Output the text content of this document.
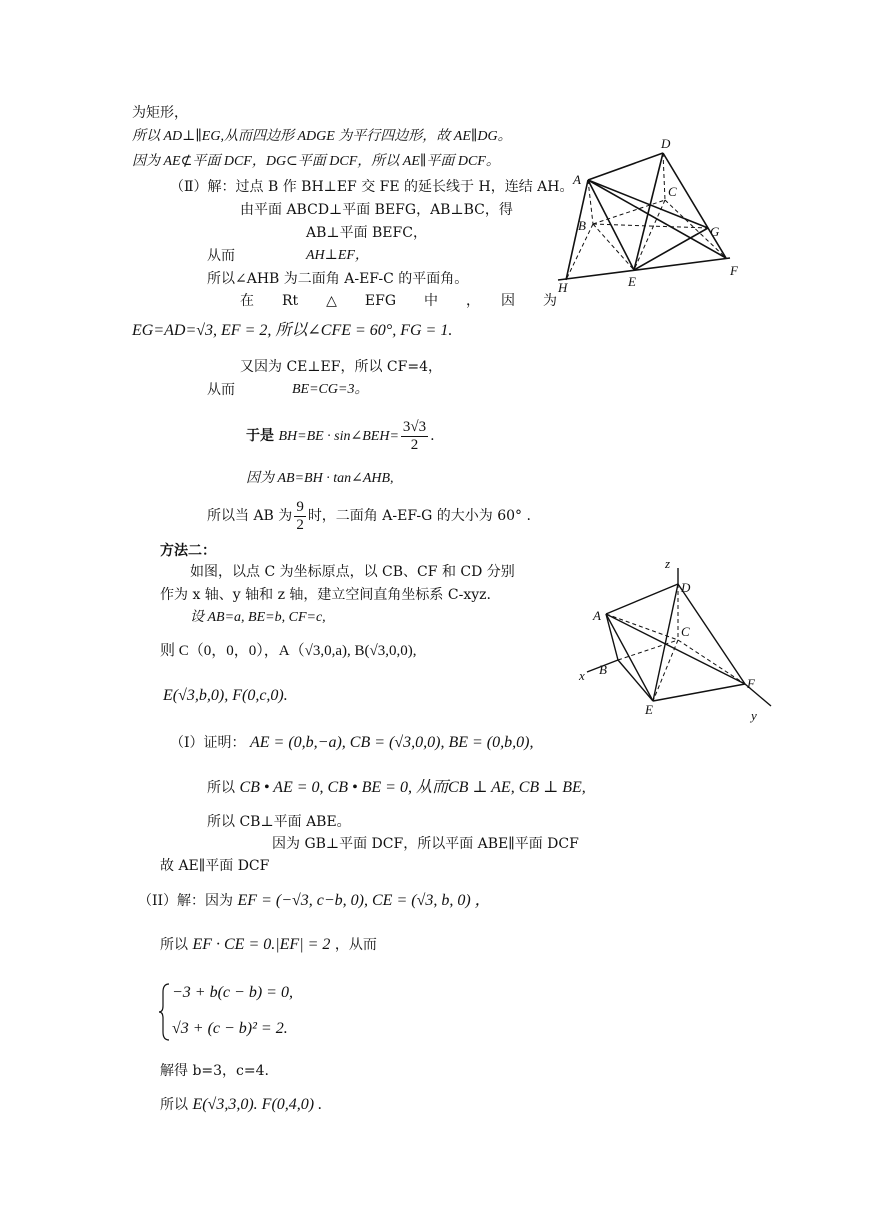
为矩形，
所以 AD⊥∥EG,从而四边形 ADGE 为平行四边形，故 AE∥DG。
因为 AE⊄平面 DCF，DG⊂平面 DCF，所以 AE∥平面 DCF。
（Ⅱ）解：过点 B 作 BH⊥EF 交 FE 的延长线于 H，连结 AH。
由平面 ABCD⊥平面 BEFG，AB⊥BC，得
AB⊥平面 BEFC，
从而	AH⊥EF，
所以∠AHB 为二面角 A-EF-C 的平面角。
在　　Rt　　△　　EFG　　中　　，　　因　　为
EG=AD=√3, EF = 2, 所以∠CFE = 60°, FG = 1.
又因为 CE⊥EF，所以 CF=4，
从而	BE=CG=3。
于是 BH=BE · sin∠BEH= $\frac{3√3}{2}$ .
因为 AB=BH · tan∠AHB,
所以当 AB 为 $\frac{9}{2}$ 时，二面角 A-EF-G 的大小为 60° .
方法二：
如图，以点 C 为坐标原点，以 CB、CF 和 CD 分别
作为 x 轴、y 轴和 z 轴，建立空间直角坐标系 C-xyz.
设 AB=a, BE=b, CF=c,
则 C（0，0，0），A（√3,0,a), B(√3,0,0),
E(√3,b,0), F(0,c,0).
（Ⅰ）证明： AE = (0,b,−a), CB = (√3,0,0), BE = (0,b,0),
所以 CB • AE = 0, CB • BE = 0, 从而CB ⊥ AE, CB ⊥ BE,
所以 CB⊥平面 ABE。
因为 GB⊥平面 DCF，所以平面 ABE∥平面 DCF
故 AE∥平面 DCF
（II）解：因为 EF = (−√3, c−b, 0), CE = (√3, b, 0) ，
所以 EF · CE = 0.|EF| = 2 ，从而
−3 + b(c − b) = 0,
√3 + (c − b)² = 2.
解得 b=3，c=4.
所以 E(√3,3,0). F(0,4,0) .
D
A
C
B	G
H	E
F
z
D
A
C
x B
F
E	y
